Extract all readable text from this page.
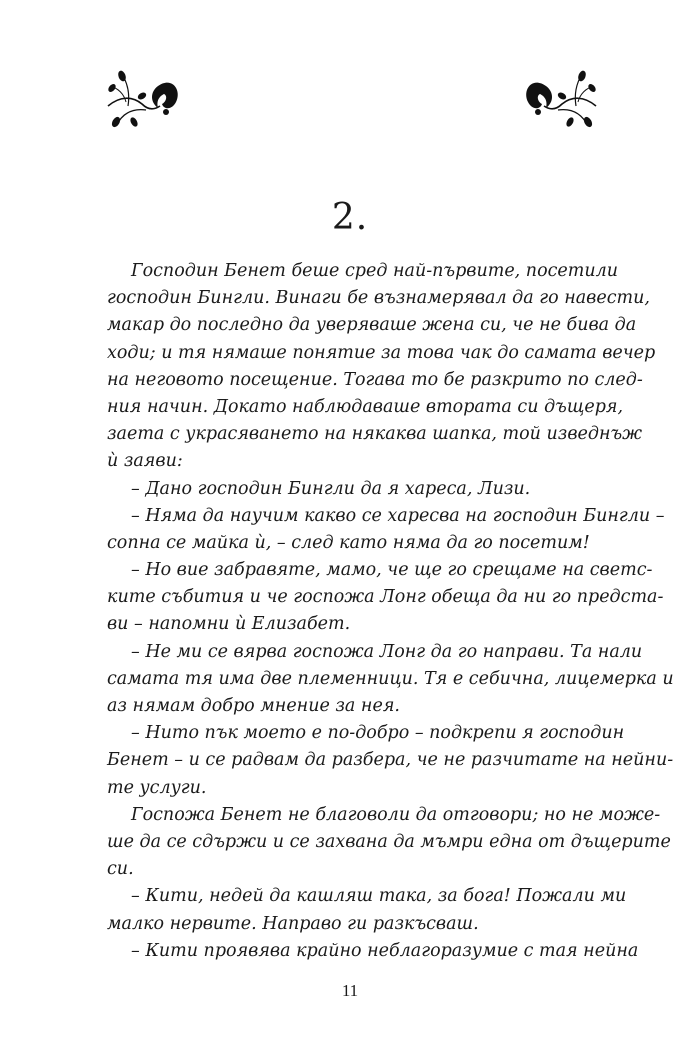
2.
Господин Бенет беше сред най-първите, посетили
господин Бингли. Винаги бе възнамерявал да го навести,
макар до последно да уверяваше жена си, че не бива да
ходи; и тя нямаше понятие за това чак до самата вечер
на неговото посещение. Тогава то бе разкрито по след-
ния начин. Докато наблюдаваше втората си дъщеря,
заета с украсяването на някаква шапка, той изведнъж
ѝ заяви:
– Дано господин Бингли да я хареса, Лизи.
– Няма да научим какво се харесва на господин Бингли –
сопна се майка ѝ, – след като няма да го посетим!
– Но вие забравяте, мамо, че ще го срещаме на светс-
ките събития и че госпожа Лонг обеща да ни го предста-
ви – напомни ѝ Елизабет.
– Не ми се вярва госпожа Лонг да го направи. Та нали
самата тя има две племенници. Тя е себична, лицемерка и
аз нямам добро мнение за нея.
– Нито пък моето е по-добро – подкрепи я господин
Бенет – и се радвам да разбера, че не разчитате на нейни-
те услуги.
Госпожа Бенет не благоволи да отговори; но не може-
ше да се сдържи и се захвана да мъмри една от дъщерите
си.
– Кити, недей да кашляш така, за бога! Пожали ми
малко нервите. Направо ги разкъсваш.
– Кити проявява крайно неблагоразумие с тая нейна
11
